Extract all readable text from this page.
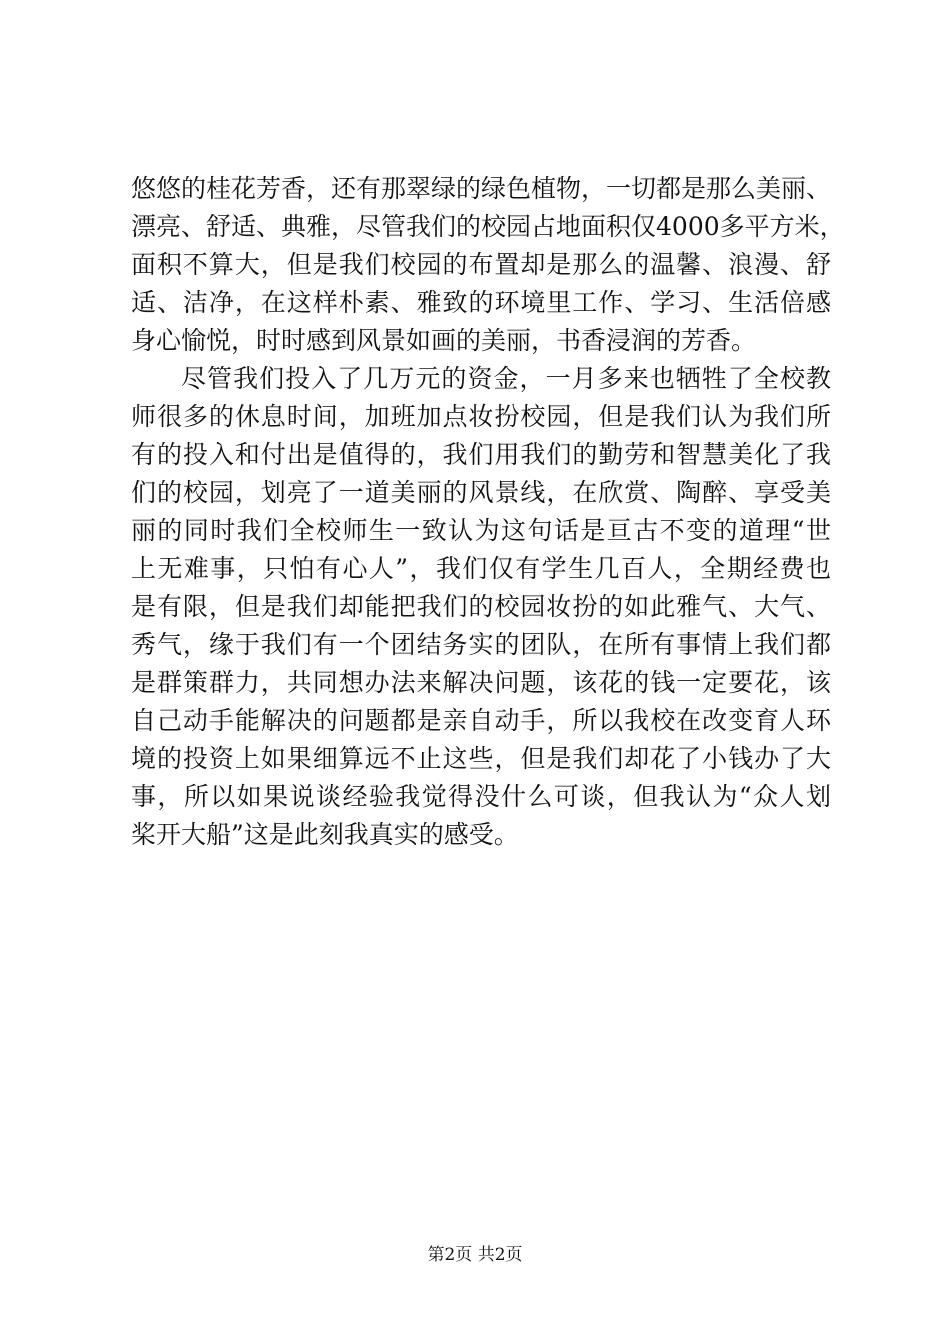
悠悠的桂花芳香，还有那翠绿的绿色植物，一切都是那么美丽、
漂亮、舒适、典雅，尽管我们的校园占地面积仅4000多平方米，
面积不算大，但是我们校园的布置却是那么的温馨、浪漫、舒
适、洁净，在这样朴素、雅致的环境里工作、学习、生活倍感
身心愉悦，时时感到风景如画的美丽，书香浸润的芳香。
尽管我们投入了几万元的资金，一月多来也牺牲了全校教
师很多的休息时间，加班加点妆扮校园，但是我们认为我们所
有的投入和付出是值得的，我们用我们的勤劳和智慧美化了我
们的校园，划亮了一道美丽的风景线，在欣赏、陶醉、享受美
丽的同时我们全校师生一致认为这句话是亘古不变的道理“世
上无难事，只怕有心人”，我们仅有学生几百人，全期经费也
是有限，但是我们却能把我们的校园妆扮的如此雅气、大气、
秀气，缘于我们有一个团结务实的团队，在所有事情上我们都
是群策群力，共同想办法来解决问题，该花的钱一定要花，该
自己动手能解决的问题都是亲自动手，所以我校在改变育人环
境的投资上如果细算远不止这些，但是我们却花了小钱办了大
事，所以如果说谈经验我觉得没什么可谈，但我认为“众人划
桨开大船”这是此刻我真实的感受。
第2页 共2页
